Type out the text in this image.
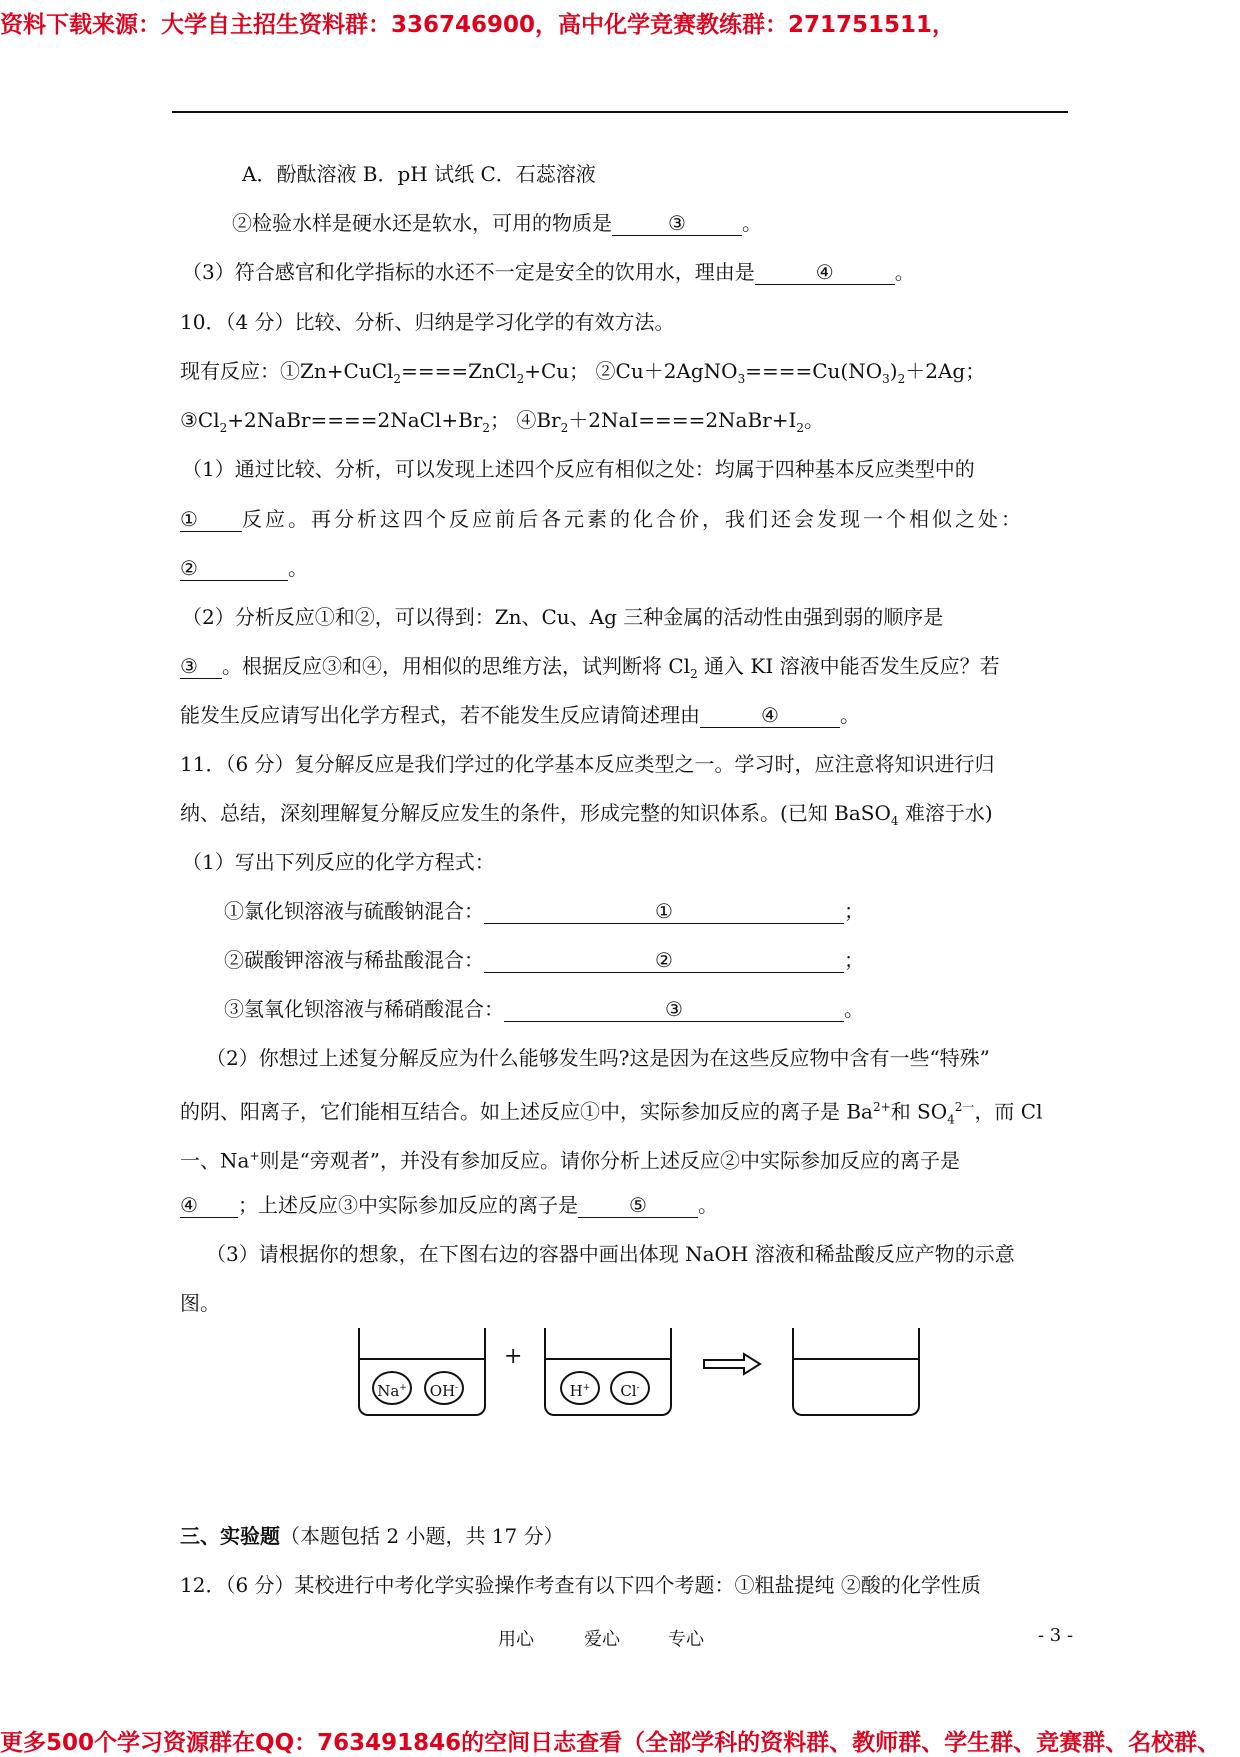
资料下载来源：大学自主招生资料群：336746900，高中化学竞赛教练群：271751511，
A．酚酞溶液 B．pH 试纸 C．石蕊溶液
②检验水样是硬水还是软水，可用的物质是	③	。
（3）符合感官和化学指标的水还不一定是安全的饮用水，理由是	④	。
10．（4 分）比较、分析、归纳是学习化学的有效方法。
现有反应：①Zn+CuCl$_2$====ZnCl$_2$+Cu； $②Cu+2AgNO_3====Cu(NO_3)_2+2Ag$；
$③Cl_2+2NaBr====2NaCl+Br_2$； $④Br_2+2NaI====2NaBr+I_2$。
（1）通过比较、分析，可以发现上述四个反应有相似之处：均属于四种基本反应类型中的
① 反应。再分析这四个反应前后各元素的化合价，我们还会发现一个相似之处：
②	。
（2）分析反应①和②，可以得到：Zn、Cu、Ag 三种金属的活动性由强到弱的顺序是
③ 。根据反应③和④，用相似的思维方法，试判断将 $Cl_2$ 通入 KI 溶液中能否发生反应？若
能发生反应请写出化学方程式，若不能发生反应请简述理由	④	。
11．（6 分）复分解反应是我们学过的化学基本反应类型之一。学习时，应注意将知识进行归
纳、总结，深刻理解复分解反应发生的条件，形成完整的知识体系。(已知 BaSO$_4$ 难溶于水)
（1）写出下列反应的化学方程式：
①氯化钡溶液与硫酸钠混合：	①	；
②碳酸钾溶液与稀盐酸混合：	②	；
③氢氧化钡溶液与稀硝酸混合：	③	。
（2）你想过上述复分解反应为什么能够发生吗?这是因为在这些反应物中含有一些“特殊”
的阴、阳离子，它们能相互结合。如上述反应①中，实际参加反应的离子是 $Ba^{2+}$和 $SO_4^{2一}$，而 Cl
一、Na+则是“旁观者”，并没有参加反应。请你分析上述反应②中实际参加反应的离子是
④ ；上述反应③中实际参加反应的离子是	⑤	。
（3）请根据你的想象，在下图右边的容器中画出体现 NaOH 溶液和稀盐酸反应产物的示意
图。
Na+	OH-
+
H+	Cl-
三、实验题（本题包括 2 小题，共 17 分）
12．（6 分）某校进行中考化学实验操作考查有以下四个考题：①粗盐提纯 ②酸的化学性质
用心	爱心	专心	- 3 -
更多500个学习资源群在QQ：763491846的空间日志查看（全部学科的资料群、教师群、学生群、竞赛群、名校群、
